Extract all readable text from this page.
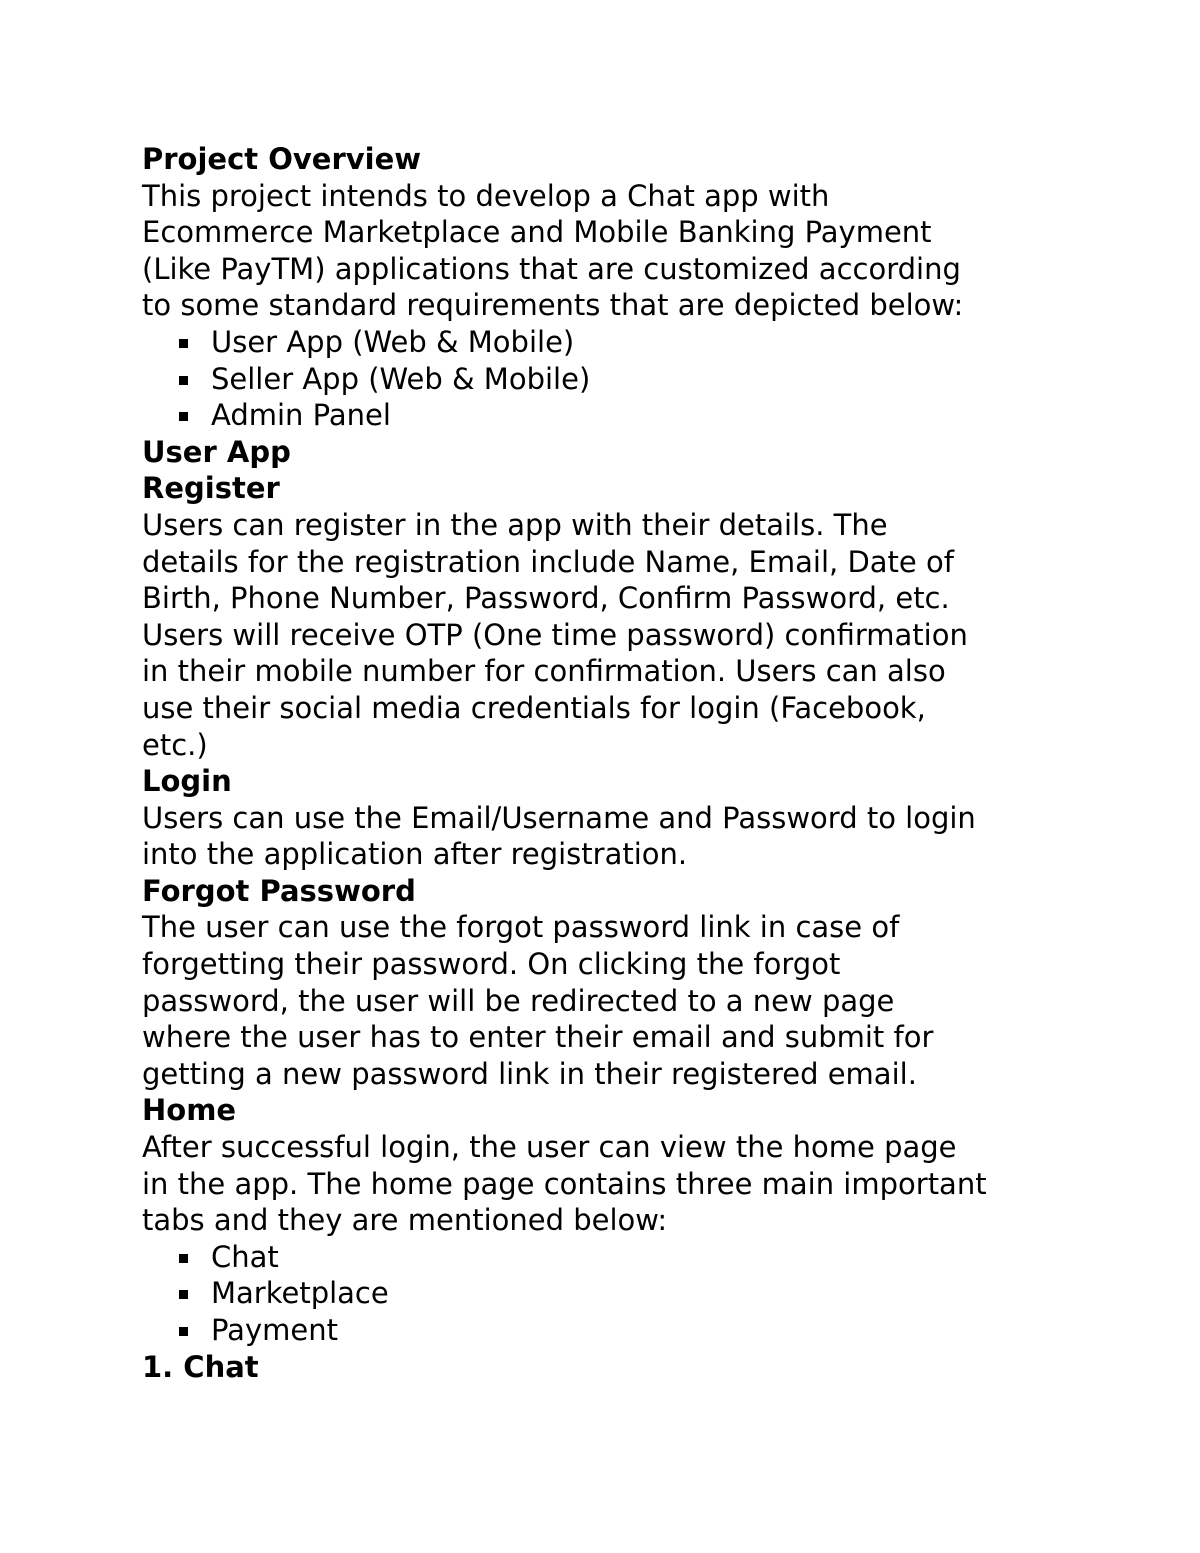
Project Overview
This project intends to develop a Chat app with
Ecommerce Marketplace and Mobile Banking Payment
(Like PayTM) applications that are customized according
to some standard requirements that are depicted below:
User App (Web & Mobile)
Seller App (Web & Mobile)
Admin Panel
User App
Register
Users can register in the app with their details. The
details for the registration include Name, Email, Date of
Birth, Phone Number, Password, Confirm Password, etc.
Users will receive OTP (One time password) confirmation
in their mobile number for confirmation. Users can also
use their social media credentials for login (Facebook,
etc.)
Login
Users can use the Email/Username and Password to login
into the application after registration.
Forgot Password
The user can use the forgot password link in case of
forgetting their password. On clicking the forgot
password, the user will be redirected to a new page
where the user has to enter their email and submit for
getting a new password link in their registered email.
Home
After successful login, the user can view the home page
in the app. The home page contains three main important
tabs and they are mentioned below:
Chat
Marketplace
Payment
1. Chat
